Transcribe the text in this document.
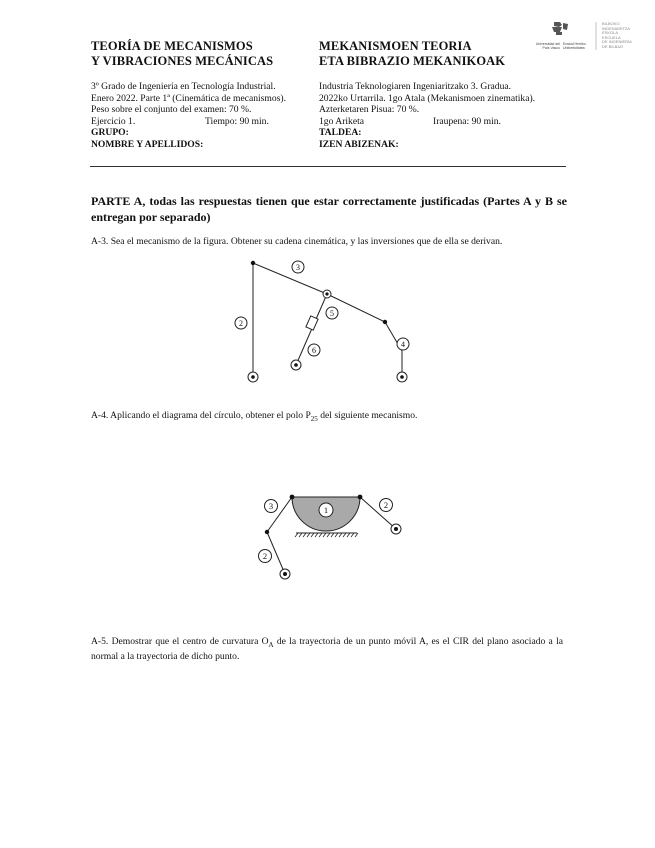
TEORÍA DE MECANISMOS
Y VIBRACIONES MECÁNICAS
MEKANISMOEN TEORIA
ETA BIBRAZIO MEKANIKOAK
Universidad del País Vasco
Euskal Herriko Unibertsitatea
BILBOKO
INGENIARITZA
ESKOLA
ESCUELA
DE INGENIERÍA
DE BILBAO
3º Grado de Ingeniería en Tecnología Industrial.
Enero 2022. Parte 1ª (Cinemática de mecanismos).
Peso sobre el conjunto del examen: 70 %.
Ejercicio 1.	Tiempo: 90 min.
GRUPO:
NOMBRE Y APELLIDOS:
Industria Teknologiaren Ingeniaritzako 3. Gradua.
2022ko Urtarrila. 1go Atala (Mekanismoen zinematika).
Azterketaren Pisua: 70 %.
1go Ariketa	Iraupena: 90 min.
TALDEA:
IZEN ABIZENAK:
PARTE A, todas las respuestas tienen que estar correctamente justificadas (Partes A y B se entregan por separado)
A-3. Sea el mecanismo de la figura. Obtener su cadena cinemática, y las inversiones que de ella se derivan.
3
2
5
6
4
A-4. Aplicando el diagrama del círculo, obtener el polo $P_{25}$ del siguiente mecanismo.
1
3	2
2
A-5. Demostrar que el centro de curvatura $O_A$ de la trayectoria de un punto móvil A, es el CIR del plano asociado a la normal a la trayectoria de dicho punto.
